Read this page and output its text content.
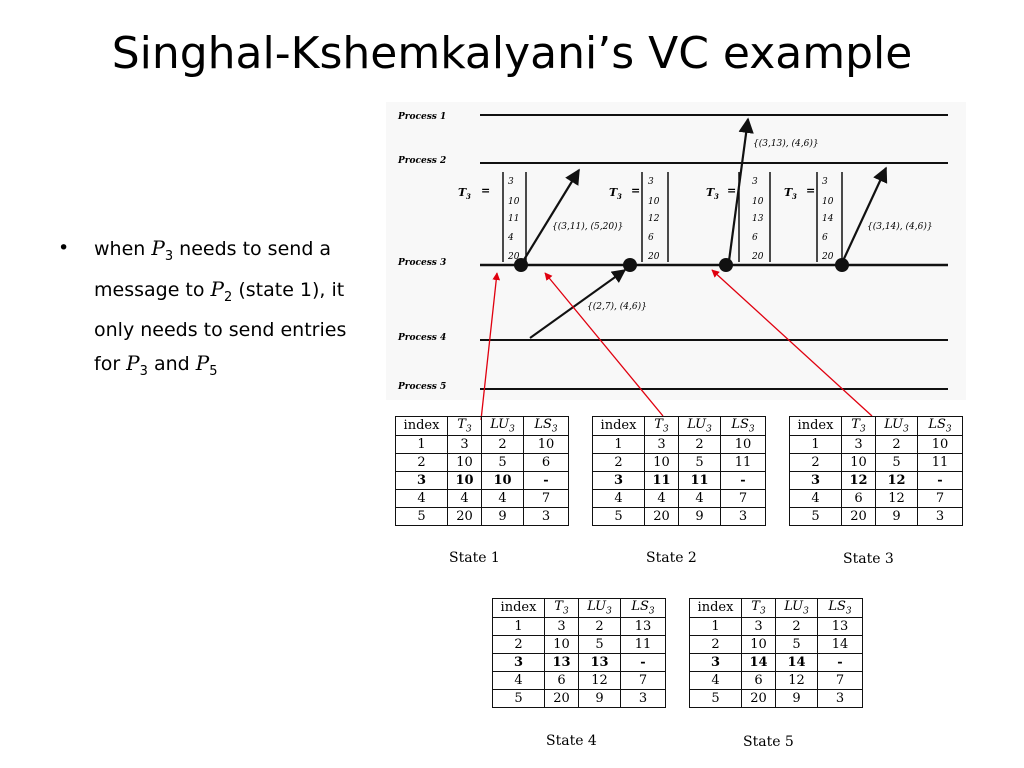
Singhal-Kshemkalyani’s VC example
• when $P_3$ needs to send a message to $P_2$ (state 1), it only needs to send entries for $P_3$ and $P_5$
Process 1
Process 2
Process 3
Process 4
Process 5
{(3,13), (4,6)}
{(3,11), (5,20)}	{(3,14), (4,6)}
{(2,7), (4,6)}
T 3 =
3
10
11
4
20
T 3 =
3
10
12
6
20
T 3 =
3
10
13
6
20
T 3 =
3
10
14
6
20
index	$T_3$	$LU_3$	$LS_3$
1	3	2	10
2	10	5	6
3	10	10	-
4	4	4	7
5	20	9	3
State 1
index	$T_3$	$LU_3$	$LS_3$
1	3	2	10
2	10	5	11
3	11	11	-
4	4	4	7
5	20	9	3
State 2
index	$T_3$	$LU_3$	$LS_3$
1	3	2	10
2	10	5	11
3	12	12	-
4	6	12	7
5	20	9	3
State 3
index	$T_3$	$LU_3$	$LS_3$
1	3	2	13
2	10	5	11
3	13	13	-
4	6	12	7
5	20	9	3
State 4
index	$T_3$	$LU_3$	$LS_3$
1	3	2	13
2	10	5	14
3	14	14	-
4	6	12	7
5	20	9	3
State 5
